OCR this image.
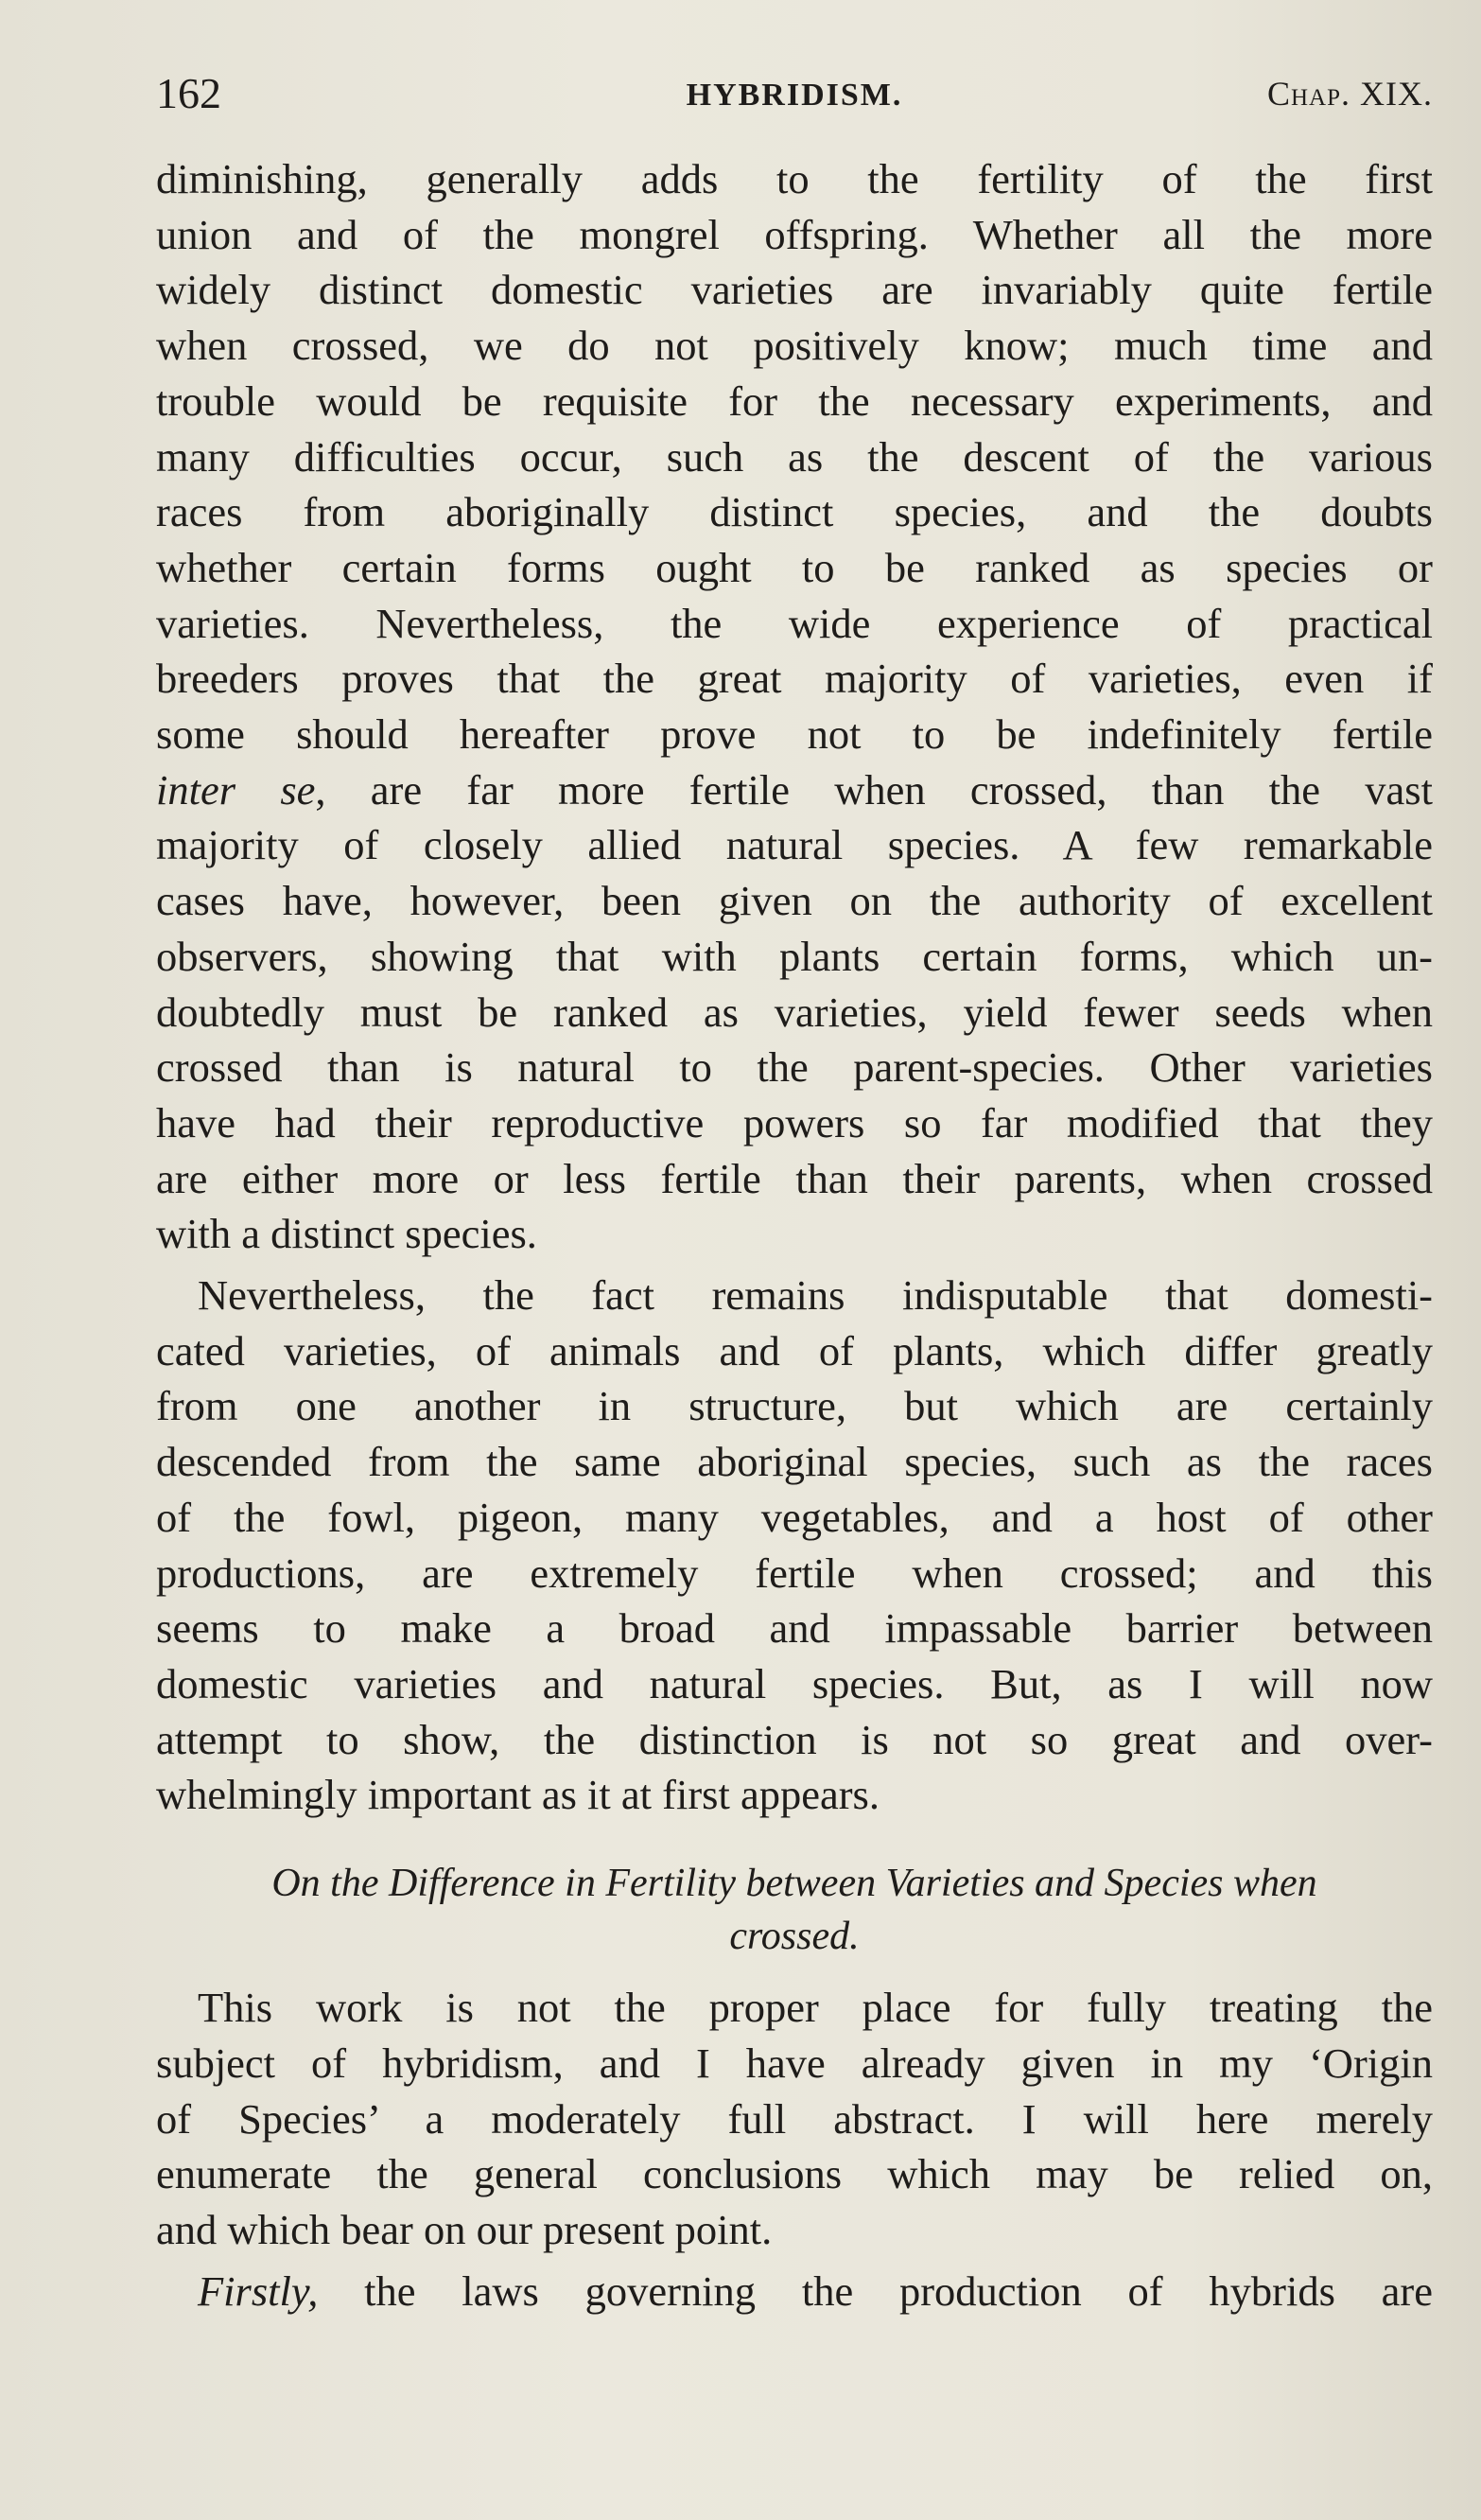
162	HYBRIDISM.	Chap. XIX.

diminishing, generally adds to the fertility of the first
union and of the mongrel offspring. Whether all the more
widely distinct domestic varieties are invariably quite fertile
when crossed, we do not positively know; much time and
trouble would be requisite for the necessary experiments, and
many difficulties occur, such as the descent of the various
races from aboriginally distinct species, and the doubts
whether certain forms ought to be ranked as species or
varieties. Nevertheless, the wide experience of practical
breeders proves that the great majority of varieties, even if
some should hereafter prove not to be indefinitely fertile
inter se, are far more fertile when crossed, than the vast
majority of closely allied natural species. A few remarkable
cases have, however, been given on the authority of excellent
observers, showing that with plants certain forms, which un-
doubtedly must be ranked as varieties, yield fewer seeds when
crossed than is natural to the parent-species. Other varieties
have had their reproductive powers so far modified that they
are either more or less fertile than their parents, when crossed
with a distinct species.

Nevertheless, the fact remains indisputable that domesti-
cated varieties, of animals and of plants, which differ greatly
from one another in structure, but which are certainly
descended from the same aboriginal species, such as the races
of the fowl, pigeon, many vegetables, and a host of other
productions, are extremely fertile when crossed; and this
seems to make a broad and impassable barrier between
domestic varieties and natural species. But, as I will now
attempt to show, the distinction is not so great and over-
whelmingly important as it at first appears.

On the Difference in Fertility between Varieties and Species when
crossed.

This work is not the proper place for fully treating the
subject of hybridism, and I have already given in my ‘Origin
of Species’ a moderately full abstract. I will here merely
enumerate the general conclusions which may be relied on,
and which bear on our present point.

Firstly, the laws governing the production of hybrids are
